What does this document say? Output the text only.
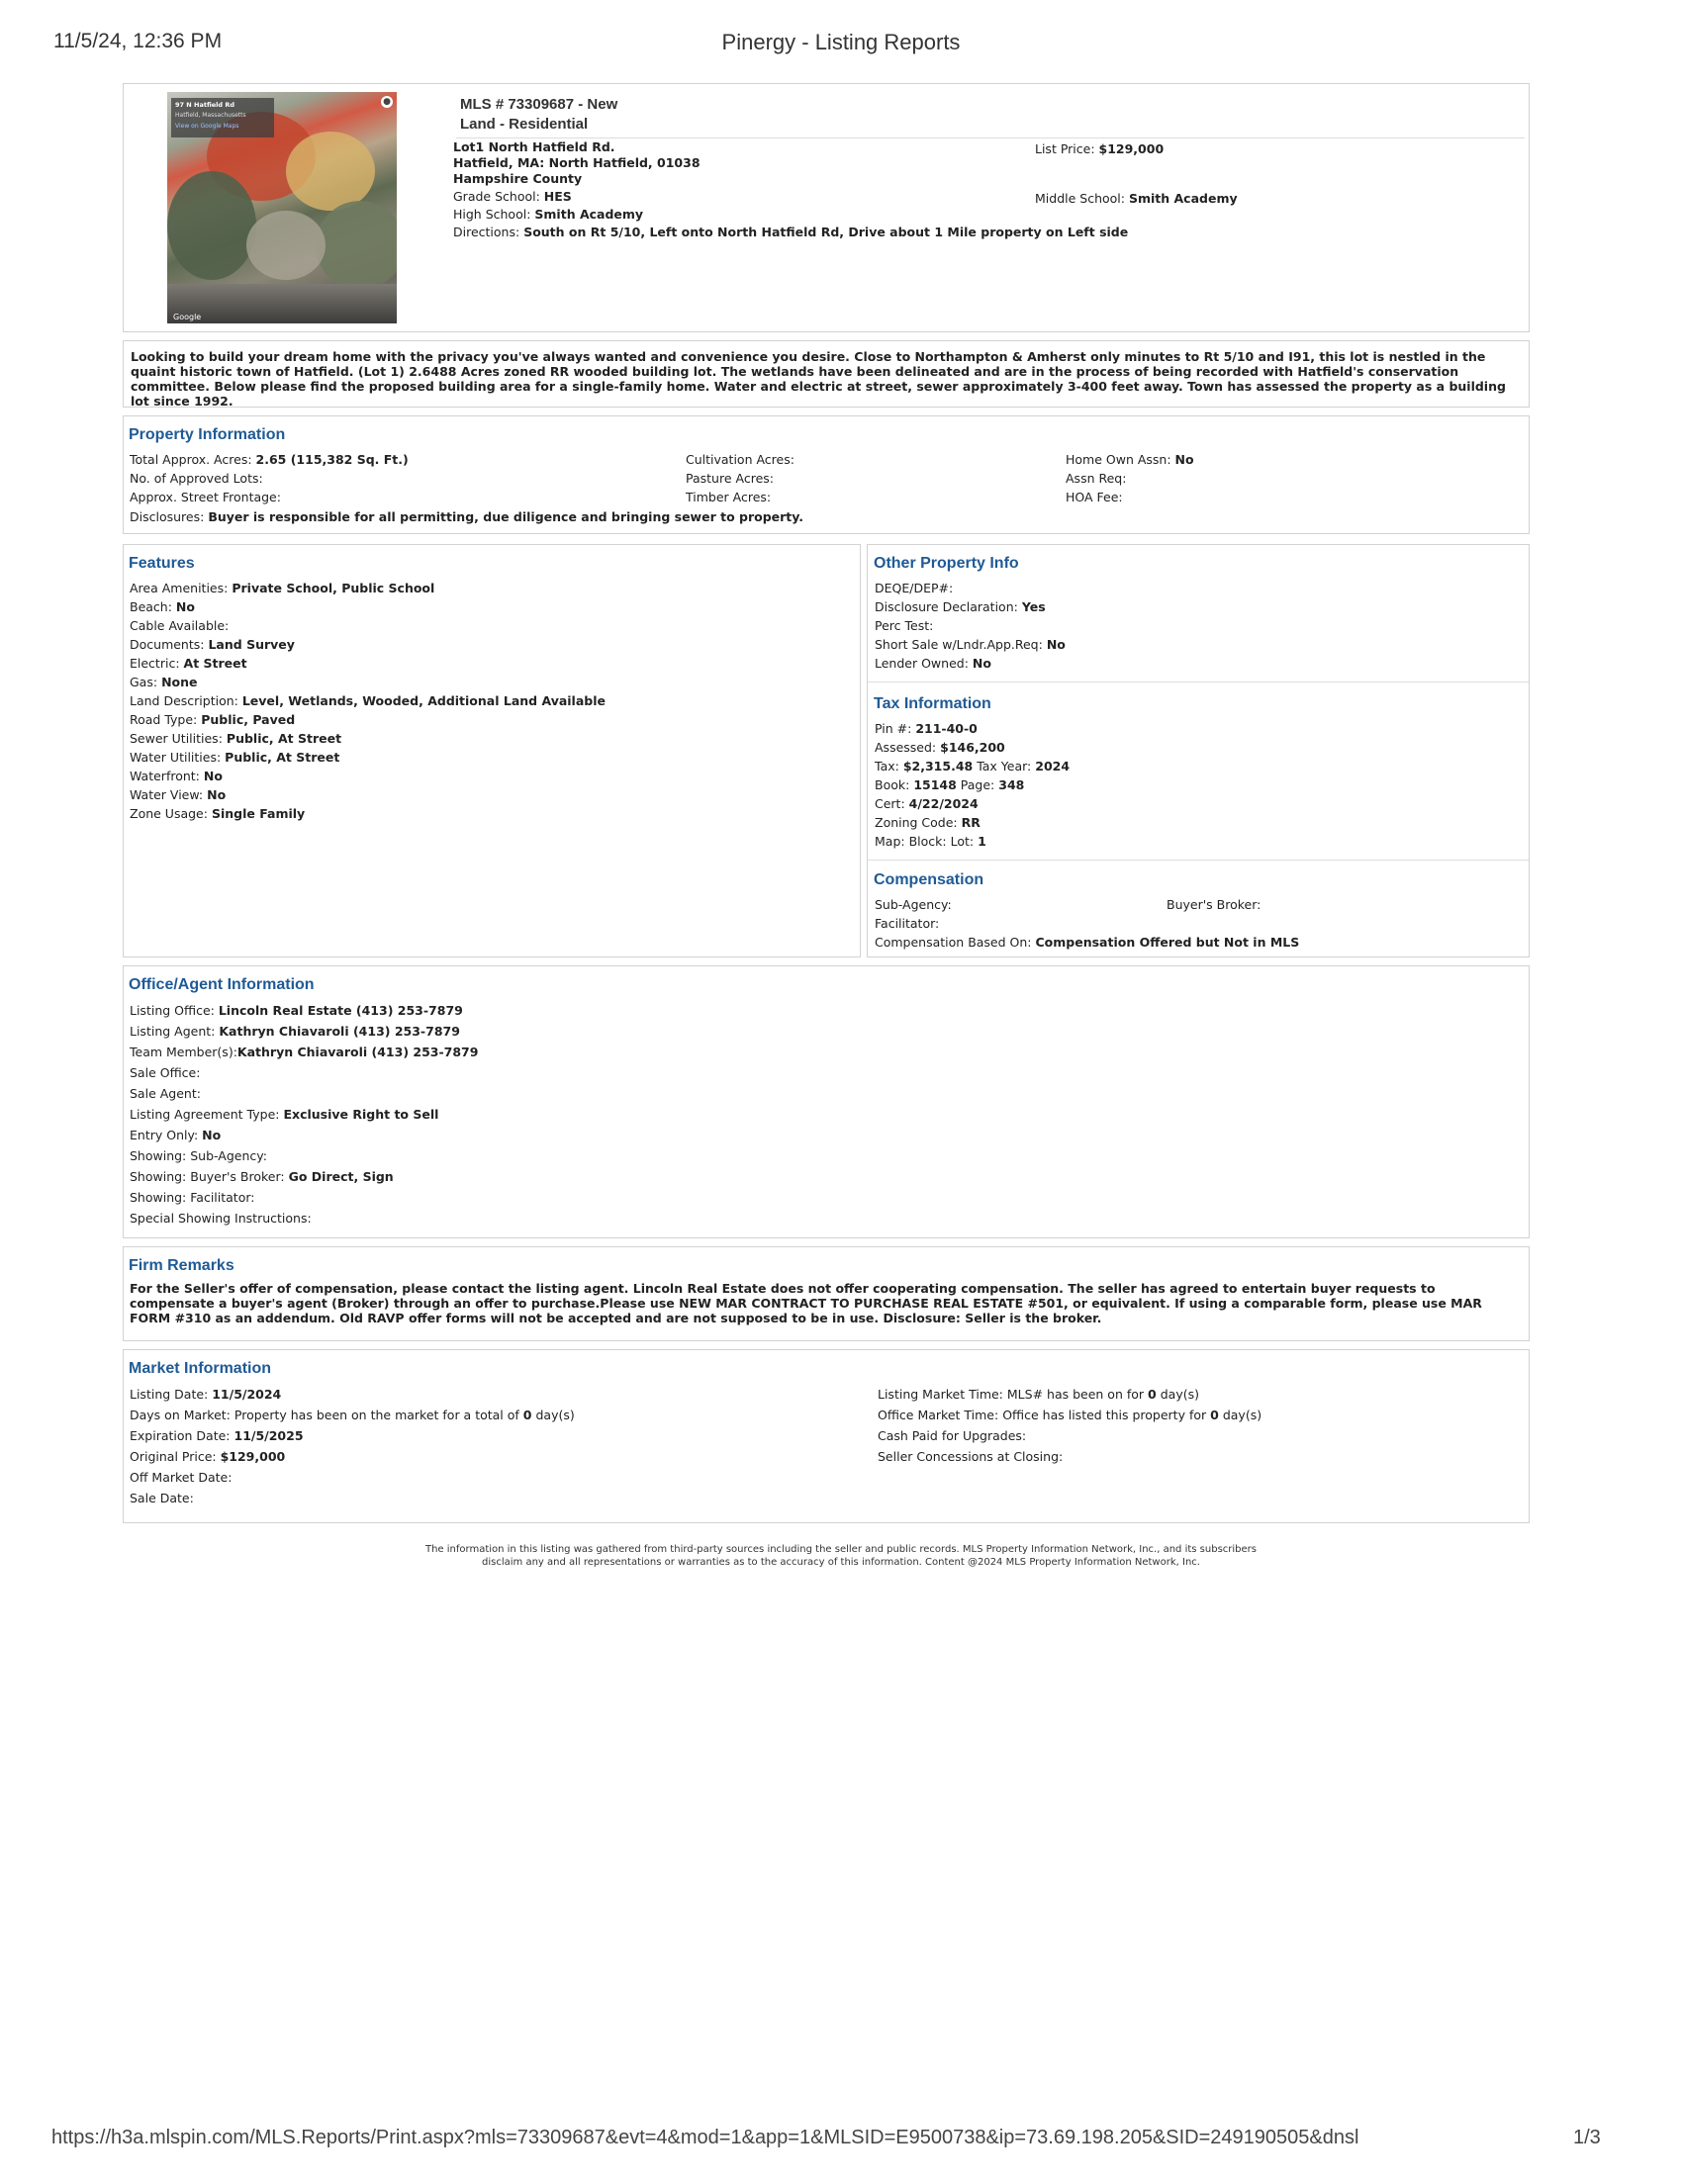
11/5/24, 12:36 PM	Pinergy - Listing Reports
https://h3a.mlspin.com/MLS.Reports/Print.aspx?mls=73309687&evt=4&mod=1&app=1&MLSID=E9500738&ip=73.69.198.205&SID=249190505&dnsl	1/3
97 N Hatfield Rd
Hatfield, Massachusetts
View on Google Maps
●
Google
MLS # 73309687 - New
Land - Residential
Lot1 North Hatfield Rd.
Hatfield, MA: North Hatfield, 01038
Hampshire County
Grade School: HES
High School: Smith Academy
Directions: South on Rt 5/10, Left onto North Hatfield Rd, Drive about 1 Mile property on Left side
List Price: $129,000
Middle School: Smith Academy
Looking to build your dream home with the privacy you've always wanted and convenience you desire. Close to Northampton & Amherst only minutes to Rt 5/10 and I91, this lot is nestled in the quaint historic town of Hatfield. (Lot 1) 2.6488 Acres zoned RR wooded building lot. The wetlands have been delineated and are in the process of being recorded with Hatfield's conservation committee. Below please find the proposed building area for a single-family home. Water and electric at street, sewer approximately 3-400 feet away. Town has assessed the property as a building lot since 1992.
Property Information
Total Approx. Acres: 2.65 (115,382 Sq. Ft.)
No. of Approved Lots:
Approx. Street Frontage:
Cultivation Acres:
Pasture Acres:
Timber Acres:
Home Own Assn: No
Assn Req:
HOA Fee:
Disclosures: Buyer is responsible for all permitting, due diligence and bringing sewer to property.
Features
Area Amenities: Private School, Public School
Beach: No
Cable Available:
Documents: Land Survey
Electric: At Street
Gas: None
Land Description: Level, Wetlands, Wooded, Additional Land Available
Road Type: Public, Paved
Sewer Utilities: Public, At Street
Water Utilities: Public, At Street
Waterfront: No
Water View: No
Zone Usage: Single Family
Other Property Info
DEQE/DEP#:
Disclosure Declaration: Yes
Perc Test:
Short Sale w/Lndr.App.Req: No
Lender Owned: No
Tax Information
Pin #: 211-40-0
Assessed: $146,200
Tax: $2,315.48 Tax Year: 2024
Book: 15148 Page: 348
Cert: 4/22/2024
Zoning Code: RR
Map: Block: Lot: 1
Compensation
Sub-Agency:
Facilitator:
Compensation Based On: Compensation Offered but Not in MLS
Buyer's Broker:
Office/Agent Information
Listing Office: Lincoln Real Estate (413) 253-7879
Listing Agent: Kathryn Chiavaroli (413) 253-7879
Team Member(s):Kathryn Chiavaroli (413) 253-7879
Sale Office:
Sale Agent:
Listing Agreement Type: Exclusive Right to Sell
Entry Only: No
Showing: Sub-Agency:
Showing: Buyer's Broker: Go Direct, Sign
Showing: Facilitator:
Special Showing Instructions:
Firm Remarks
For the Seller's offer of compensation, please contact the listing agent. Lincoln Real Estate does not offer cooperating compensation. The seller has agreed to entertain buyer requests to compensate a buyer's agent (Broker) through an offer to purchase.Please use NEW MAR CONTRACT TO PURCHASE REAL ESTATE #501, or equivalent. If using a comparable form, please use MAR FORM #310 as an addendum. Old RAVP offer forms will not be accepted and are not supposed to be in use. Disclosure: Seller is the broker.
Market Information
Listing Date: 11/5/2024
Days on Market: Property has been on the market for a total of 0 day(s)
Expiration Date: 11/5/2025
Original Price: $129,000
Off Market Date:
Sale Date:
Listing Market Time: MLS# has been on for 0 day(s)
Office Market Time: Office has listed this property for 0 day(s)
Cash Paid for Upgrades:
Seller Concessions at Closing:
The information in this listing was gathered from third-party sources including the seller and public records. MLS Property Information Network, Inc., and its subscribers
disclaim any and all representations or warranties as to the accuracy of this information. Content @2024 MLS Property Information Network, Inc.
